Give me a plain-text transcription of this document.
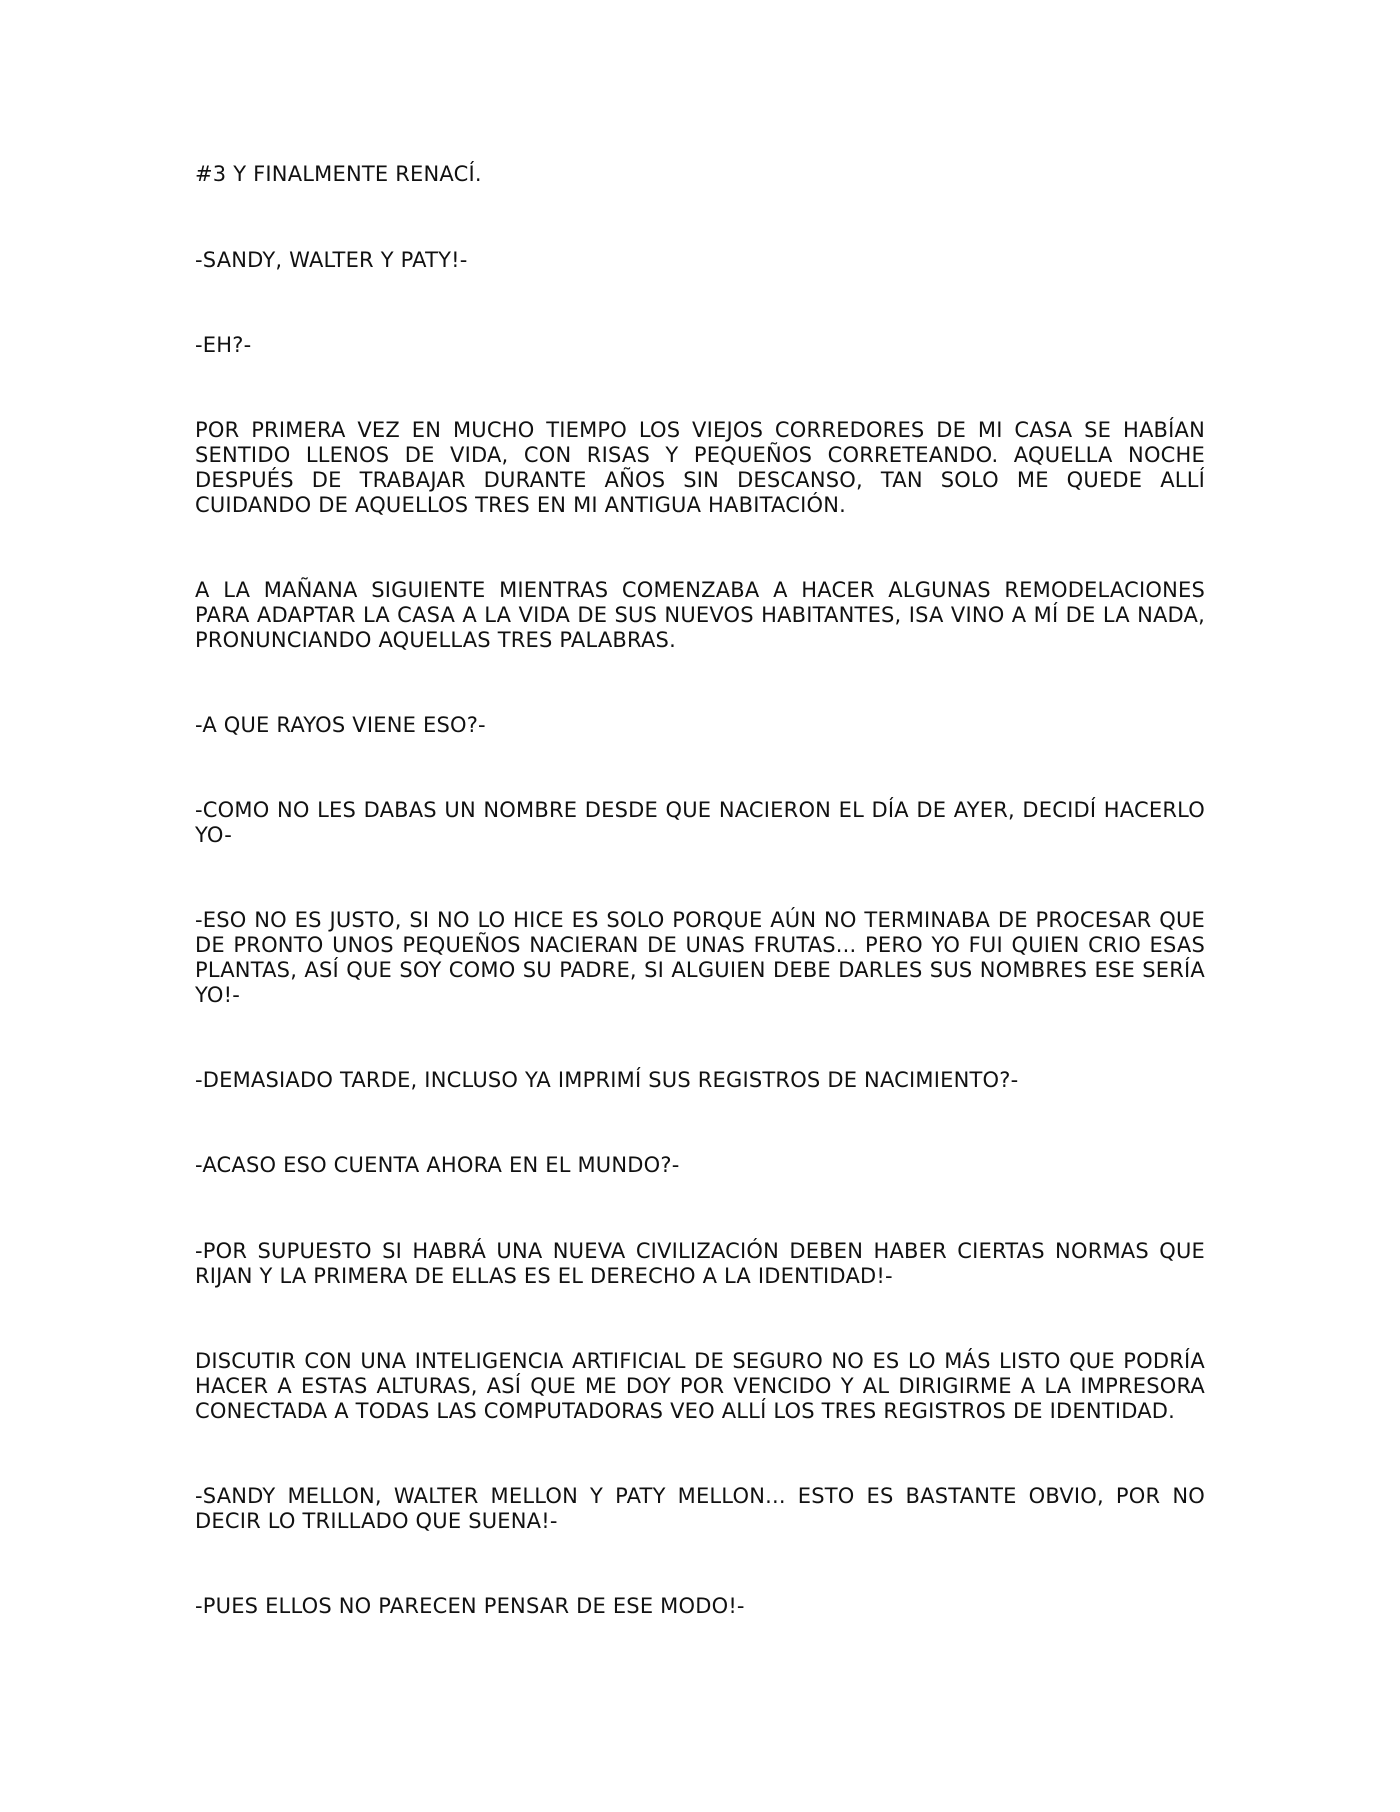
#3 Y FINALMENTE RENACÍ.

-SANDY, WALTER Y PATY!-

-EH?-

POR PRIMERA VEZ EN MUCHO TIEMPO LOS VIEJOS CORREDORES DE MI CASA SE HABÍAN SENTIDO LLENOS DE VIDA, CON RISAS Y PEQUEÑOS CORRETEANDO. AQUELLA NOCHE DESPUÉS DE TRABAJAR DURANTE AÑOS SIN DESCANSO, TAN SOLO ME QUEDE ALLÍ CUIDANDO DE AQUELLOS TRES EN MI ANTIGUA HABITACIÓN.

A LA MAÑANA SIGUIENTE MIENTRAS COMENZABA A HACER ALGUNAS REMODELACIONES PARA ADAPTAR LA CASA A LA VIDA DE SUS NUEVOS HABITANTES, ISA VINO A MÍ DE LA NADA, PRONUNCIANDO AQUELLAS TRES PALABRAS.

-A QUE RAYOS VIENE ESO?-

-COMO NO LES DABAS UN NOMBRE DESDE QUE NACIERON EL DÍA DE AYER, DECIDÍ HACERLO YO-

-ESO NO ES JUSTO, SI NO LO HICE ES SOLO PORQUE AÚN NO TERMINABA DE PROCESAR QUE DE PRONTO UNOS PEQUEÑOS NACIERAN DE UNAS FRUTAS... PERO YO FUI QUIEN CRIO ESAS PLANTAS, ASÍ QUE SOY COMO SU PADRE, SI ALGUIEN DEBE DARLES SUS NOMBRES ESE SERÍA YO!-

-DEMASIADO TARDE, INCLUSO YA IMPRIMÍ SUS REGISTROS DE NACIMIENTO?-

-ACASO ESO CUENTA AHORA EN EL MUNDO?-

-POR SUPUESTO SI HABRÁ UNA NUEVA CIVILIZACIÓN DEBEN HABER CIERTAS NORMAS QUE RIJAN Y LA PRIMERA DE ELLAS ES EL DERECHO A LA IDENTIDAD!-

DISCUTIR CON UNA INTELIGENCIA ARTIFICIAL DE SEGURO NO ES LO MÁS LISTO QUE PODRÍA HACER A ESTAS ALTURAS, ASÍ QUE ME DOY POR VENCIDO Y AL DIRIGIRME A LA IMPRESORA CONECTADA A TODAS LAS COMPUTADORAS VEO ALLÍ LOS TRES REGISTROS DE IDENTIDAD.

-SANDY MELLON, WALTER MELLON Y PATY MELLON... ESTO ES BASTANTE OBVIO, POR NO DECIR LO TRILLADO QUE SUENA!-

-PUES ELLOS NO PARECEN PENSAR DE ESE MODO!-
